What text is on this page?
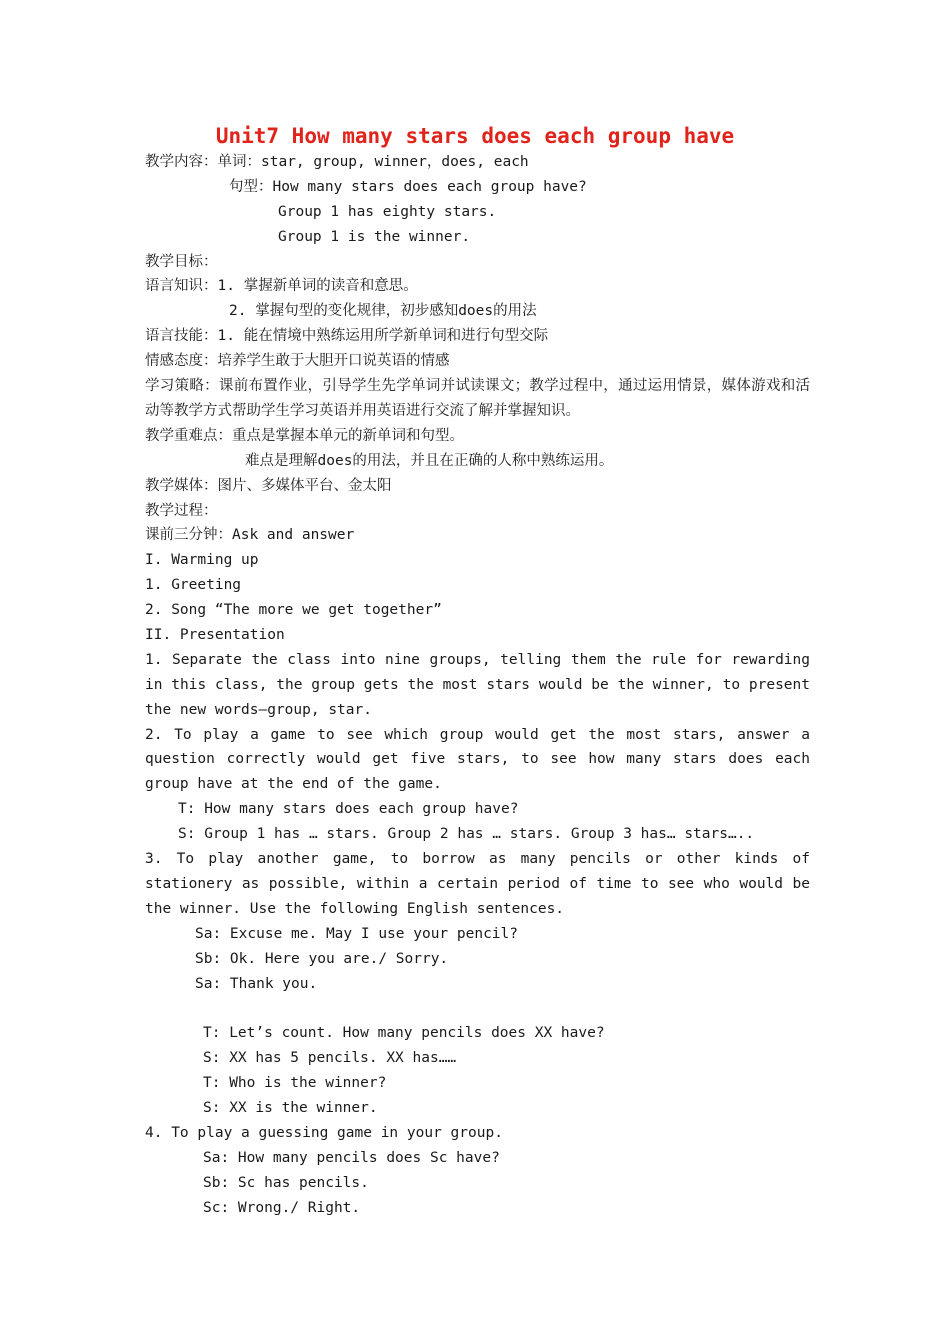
Unit7 How many stars does each group have
教学内容：单词：star, group, winner，does, each
句型：How many stars does each group have?
Group 1 has eighty stars.
Group 1 is the winner.
教学目标：
语言知识：1. 掌握新单词的读音和意思。
2. 掌握句型的变化规律，初步感知does的用法
语言技能：1. 能在情境中熟练运用所学新单词和进行句型交际
情感态度：培养学生敢于大胆开口说英语的情感
学习策略：课前布置作业，引导学生先学单词并试读课文；教学过程中，通过运用情景，媒体游戏和活动等教学方式帮助学生学习英语并用英语进行交流了解并掌握知识。
教学重难点：重点是掌握本单元的新单词和句型。
难点是理解does的用法，并且在正确的人称中熟练运用。
教学媒体：图片、多媒体平台、金太阳
教学过程：
课前三分钟：Ask and answer
I. Warming up
1. Greeting
2. Song “The more we get together”
II. Presentation
1. Separate the class into nine groups, telling them the rule for rewarding in this class, the group gets the most stars would be the winner, to present the new words—group, star.
2. To play a game to see which group would get the most stars, answer a question correctly would get five stars, to see how many stars does each group have at the end of the game.
T: How many stars does each group have?
S: Group 1 has … stars. Group 2 has … stars. Group 3 has… stars…..
3. To play another game, to borrow as many pencils or other kinds of stationery as possible, within a certain period of time to see who would be the winner. Use the following English sentences.
Sa: Excuse me. May I use your pencil?
Sb: Ok. Here you are./ Sorry.
Sa: Thank you.
T: Let’s count. How many pencils does XX have?
S: XX has 5 pencils. XX has……
T: Who is the winner?
S: XX is the winner.
4. To play a guessing game in your group.
Sa: How many pencils does Sc have?
Sb: Sc has pencils.
Sc: Wrong./ Right.
